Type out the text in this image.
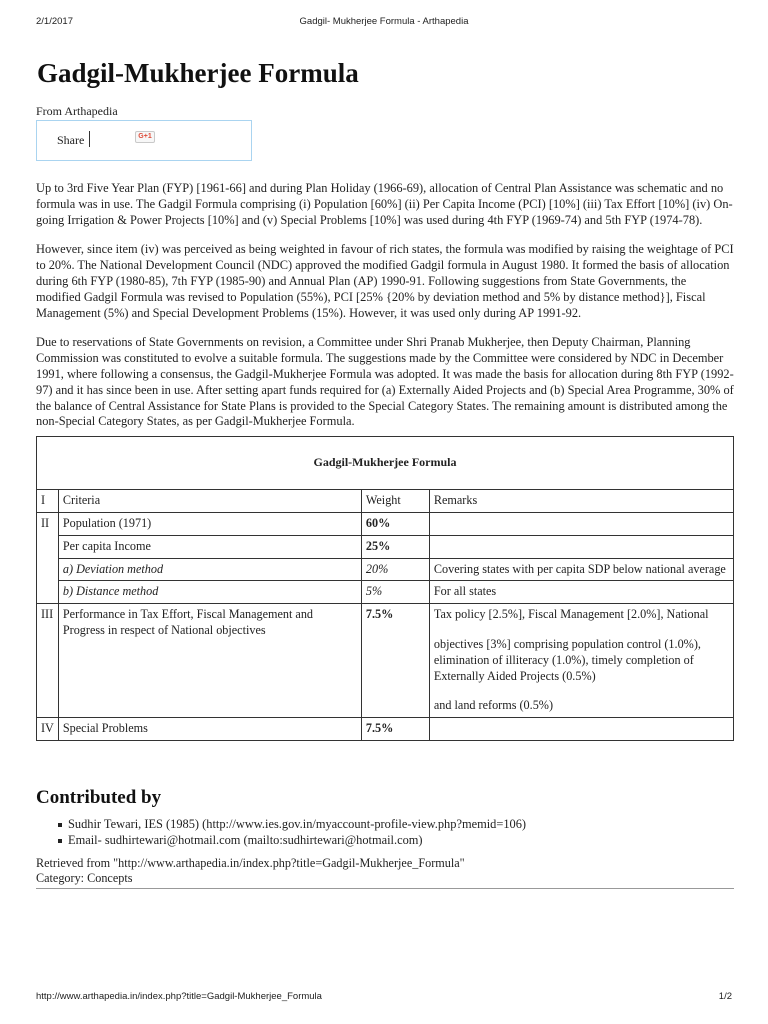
2/1/2017	Gadgil- Mukherjee Formula - Arthapedia
Gadgil-Mukherjee Formula
From Arthapedia
Share	G+1

Up to 3rd Five Year Plan (FYP) [1961-66] and during Plan Holiday (1966-69), allocation of Central Plan Assistance was schematic and no formula was in use. The Gadgil Formula comprising (i) Population [60%] (ii) Per Capita Income (PCI) [10%] (iii) Tax Effort [10%] (iv) On-going Irrigation & Power Projects [10%] and (v) Special Problems [10%] was used during 4th FYP (1969-74) and 5th FYP (1974-78).

However, since item (iv) was perceived as being weighted in favour of rich states, the formula was modified by raising the weightage of PCI to 20%. The National Development Council (NDC) approved the modified Gadgil formula in August 1980. It formed the basis of allocation during 6th FYP (1980-85), 7th FYP (1985-90) and Annual Plan (AP) 1990-91. Following suggestions from State Governments, the modified Gadgil Formula was revised to Population (55%), PCI [25% {20% by deviation method and 5% by distance method}], Fiscal Management (5%) and Special Development Problems (15%). However, it was used only during AP 1991-92.

Due to reservations of State Governments on revision, a Committee under Shri Pranab Mukherjee, then Deputy Chairman, Planning Commission was constituted to evolve a suitable formula. The suggestions made by the Committee were considered by NDC in December 1991, where following a consensus, the Gadgil-Mukherjee Formula was adopted. It was made the basis for allocation during 8th FYP (1992-97) and it has since been in use. After setting apart funds required for (a) Externally Aided Projects and (b) Special Area Programme, 30% of the balance of Central Assistance for State Plans is provided to the Special Category States. The remaining amount is distributed among the non-Special Category States, as per Gadgil-Mukherjee Formula.

Gadgil-Mukherjee Formula			
I	Criteria	Weight	Remarks
II	Population (1971)	60%	
	Per capita Income	25%	
	a) Deviation method	20%	Covering states with per capita SDP below national average
	b) Distance method	5%	For all states
III	Performance in Tax Effort, Fiscal Management and Progress in respect of National objectives	7.5%	Tax policy [2.5%], Fiscal Management [2.0%], National
objectives [3%] comprising population control (1.0%), elimination of illiteracy (1.0%), timely completion of Externally Aided Projects (0.5%)
and land reforms (0.5%)

IV	Special Problems	7.5%	
Contributed by
Sudhir Tewari, IES (1985) (http://www.ies.gov.in/myaccount-profile-view.php?memid=106)
Email- sudhirtewari@hotmail.com (mailto:sudhirtewari@hotmail.com)
Retrieved from "http://www.arthapedia.in/index.php?title=Gadgil-Mukherjee_Formula"
Category: Concepts
http://www.arthapedia.in/index.php?title=Gadgil-Mukherjee_Formula	1/2
